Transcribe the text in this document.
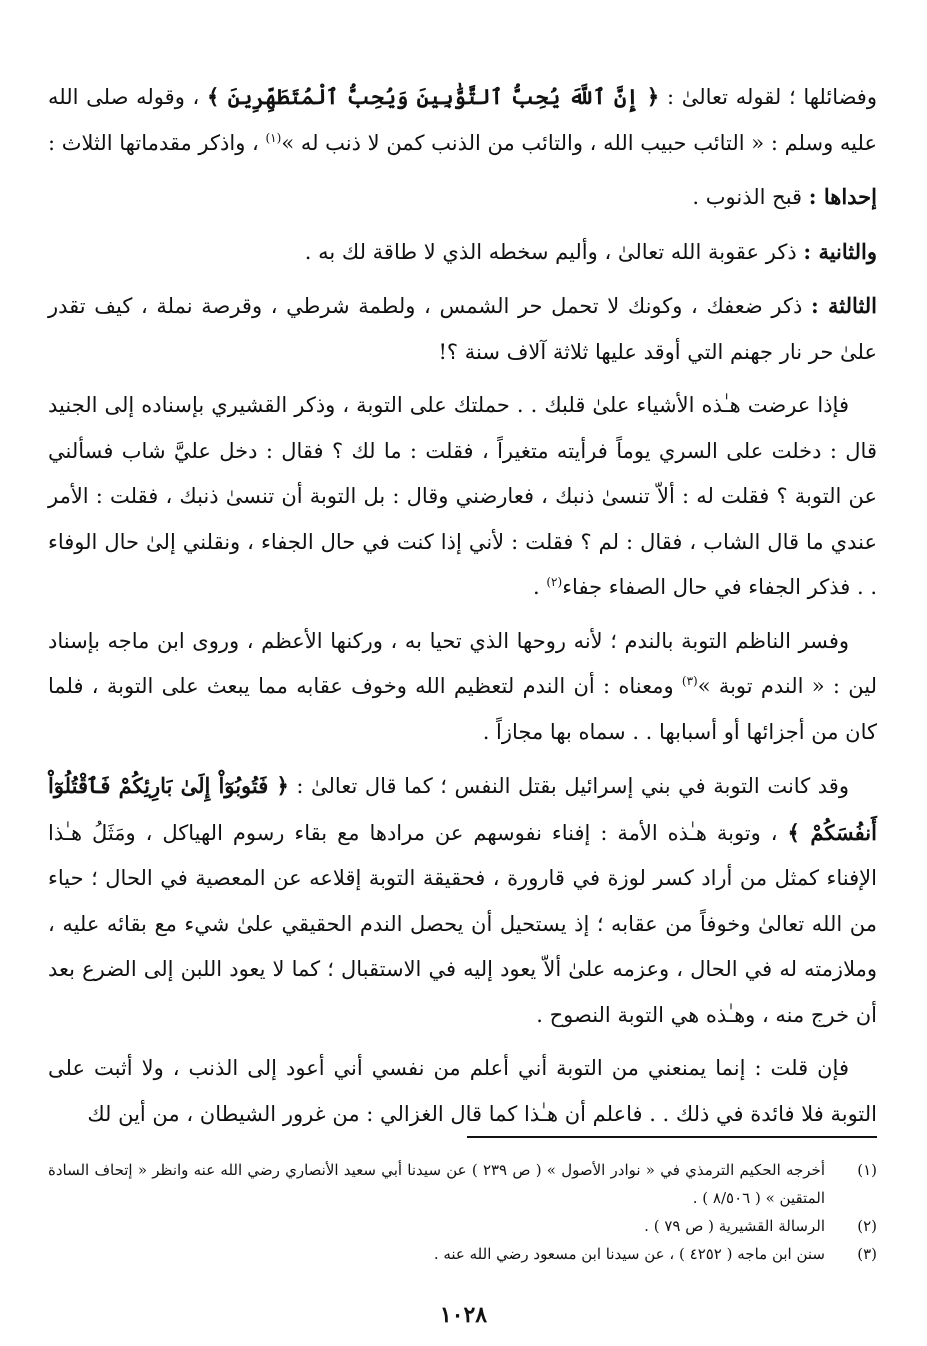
وفضائلها ؛ لقوله تعالىٰ : ﴿ إِنَّ ٱللَّهَ يُحِبُّ ٱلتَّوَّٰبِينَ وَيُحِبُّ ٱلْمُتَطَهِّرِينَ ﴾ ، وقوله صلى الله عليه وسلم : « التائب حبيب الله ، والتائب من الذنب كمن لا ذنب له »$^{(١)}$ ، واذكر مقدماتها الثلاث :

إحداها : قبح الذنوب .

والثانية : ذكر عقوبة الله تعالىٰ ، وأليم سخطه الذي لا طاقة لك به .

الثالثة : ذكر ضعفك ، وكونك لا تحمل حر الشمس ، ولطمة شرطي ، وقرصة نملة ، كيف تقدر علىٰ حر نار جهنم التي أوقد عليها ثلاثة آلاف سنة ؟!

فإذا عرضت هـٰذه الأشياء علىٰ قلبك . . حملتك على التوبة ، وذكر القشيري بإسناده إلى الجنيد قال : دخلت على السري يوماً فرأيته متغيراً ، فقلت : ما لك ؟ فقال : دخل عليَّ شاب فسألني عن التوبة ؟ فقلت له : ألاّ تنسىٰ ذنبك ، فعارضني وقال : بل التوبة أن تنسىٰ ذنبك ، فقلت : الأمر عندي ما قال الشاب ، فقال : لم ؟ فقلت : لأني إذا كنت في حال الجفاء ، ونقلني إلىٰ حال الوفاء . . فذكر الجفاء في حال الصفاء جفاء$^{(٢)}$ .

وفسر الناظم التوبة بالندم ؛ لأنه روحها الذي تحيا به ، وركنها الأعظم ، وروى ابن ماجه بإسناد لين : « الندم توبة »$^{(٣)}$ ومعناه : أن الندم لتعظيم الله وخوف عقابه مما يبعث على التوبة ، فلما كان من أجزائها أو أسبابها . . سماه بها مجازاً .

وقد كانت التوبة في بني إسرائيل بقتل النفس ؛ كما قال تعالىٰ : ﴿ فَتُوبُوٓاْ إِلَىٰ بَارِئِكُمْ فَٱقْتُلُوٓاْ أَنفُسَكُمْ ﴾ ، وتوبة هـٰذه الأمة : إفناء نفوسهم عن مرادها مع بقاء رسوم الهياكل ، ومَثَلُ هـٰذا الإفناء كمثل من أراد كسر لوزة في قارورة ، فحقيقة التوبة إقلاعه عن المعصية في الحال ؛ حياء من الله تعالىٰ وخوفاً من عقابه ؛ إذ يستحيل أن يحصل الندم الحقيقي علىٰ شيء مع بقائه عليه ، وملازمته له في الحال ، وعزمه علىٰ ألاّ يعود إليه في الاستقبال ؛ كما لا يعود اللبن إلى الضرع بعد أن خرج منه ، وهـٰذه هي التوبة النصوح .

فإن قلت : إنما يمنعني من التوبة أني أعلم من نفسي أني أعود إلى الذنب ، ولا أثبت على التوبة فلا فائدة في ذلك . . فاعلم أن هـٰذا كما قال الغزالي : من غرور الشيطان ، من أين لك

(١)
أخرجه الحكيم الترمذي في « نوادر الأصول » ( ص ٢٣٩ ) عن سيدنا أبي سعيد الأنصاري رضي الله عنه وانظر « إتحاف السادة المتقين » ( ٨/٥٠٦ ) .
(٢)
الرسالة القشيرية ( ص ٧٩ ) .
(٣)
سنن ابن ماجه ( ٤٢٥٢ ) ، عن سيدنا ابن مسعود رضي الله عنه .
١٠٢٨
